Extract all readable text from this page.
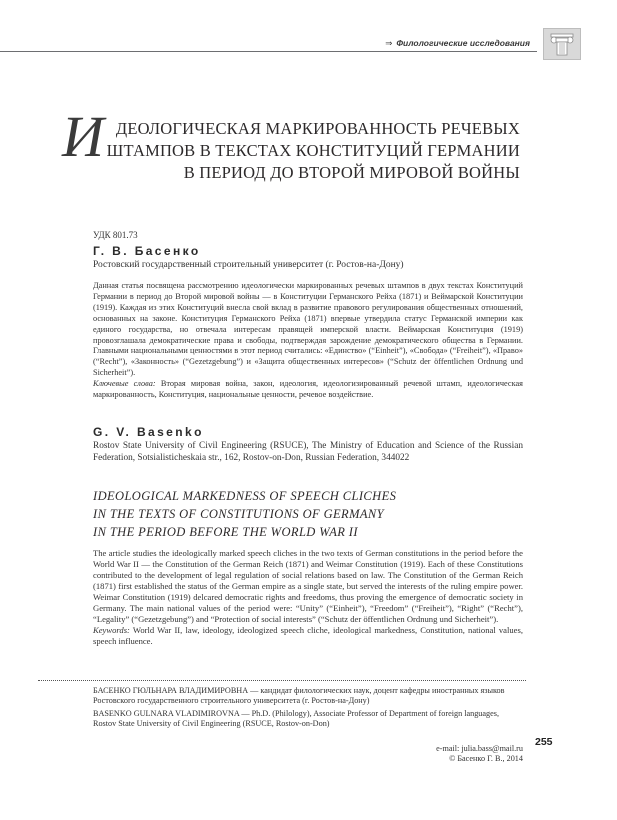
⇒ Филологические исследования
И ДЕОЛОГИЧЕСКАЯ МАРКИРОВАННОСТЬ РЕЧЕВЫХ
ШТАМПОВ В ТЕКСТАХ КОНСТИТУЦИЙ ГЕРМАНИИ
В ПЕРИОД ДО ВТОРОЙ МИРОВОЙ ВОЙНЫ
УДК 801.73
Г. В. Басенко
Ростовский государственный строительный университет (г. Ростов-на-Дону)

Данная статья посвящена рассмотрению идеологически маркированных речевых штампов в двух текстах Конституций Германии в период до Второй мировой войны — в Конституции Германского Рейха (1871) и Веймарской Конституции (1919). Каждая из этих Конституций внесла свой вклад в развитие правового регулирования общественных отношений, основанных на законе. Конституция Германского Рейха (1871) впервые утвердила статус Германской империи как единого государства, но отвечала интересам правящей имперской власти. Веймарская Конституция (1919) провозглашала демократические права и свободы, подтверждая зарождение демократического общества в Германии. Главными национальными ценностями в этот период считались: «Единство» (“Einheit”), «Свобода» (“Freiheit”), «Право» (“Recht”), «Законность» (“Gezetzgebung”) и «Защита общественных интересов» (“Schutz der öffentlichen Ordnung und Sicherheit”).

Ключевые слова: Вторая мировая война, закон, идеология, идеологизированный речевой штамп, идеологическая маркированность, Конституция, национальные ценности, речевое воздействие.

G. V. Basenko
Rostov State University of Civil Engineering (RSUCE), The Ministry of Education and Science of the Russian Federation, Sotsialisticheskaia str., 162, Rostov-on-Don, Russian Federation, 344022
IDEOLOGICAL MARKEDNESS OF SPEECH CLICHES
IN THE TEXTS OF CONSTITUTIONS OF GERMANY
IN THE PERIOD BEFORE THE WORLD WAR II

The article studies the ideologically marked speech cliches in the two texts of German constitutions in the period before the World War II — the Constitution of the German Reich (1871) and Weimar Constitution (1919). Each of these Constitutions contributed to the development of legal regulation of social relations based on law. The Constitution of the German Reich (1871) first established the status of the German empire as a single state, but served the interests of the ruling empire power. Weimar Constitution (1919) delcared democratic rights and freedoms, thus proving the emergence of democratic society in Germany. The main national values of the period were: “Unity” (“Einheit”), “Freedom” (“Freiheit”), “Right” (“Recht”), “Legality” (“Gezetzgebung”) and “Protection of social interests” (“Schutz der öffentlichen Ordnung und Sicherheit”).

Keywords: World War II, law, ideology, ideologized speech cliche, ideological markedness, Constitution, national values, speech influence.

БАСЕНКО ГЮЛЬНАРА ВЛАДИМИРОВНА — кандидат филологических наук, доцент кафедры иностранных языков Ростовского государственного строительного университета (г. Ростов-на-Дону)

BASENKO GULNARA VLADIMIROVNA — Ph.D. (Philology), Associate Professor of Department of foreign languages, Rostov State University of Civil Engineering (RSUCE, Rostov-on-Don)

e-mail: julia.bass@mail.ru
© Басенко Г. В., 2014
255
